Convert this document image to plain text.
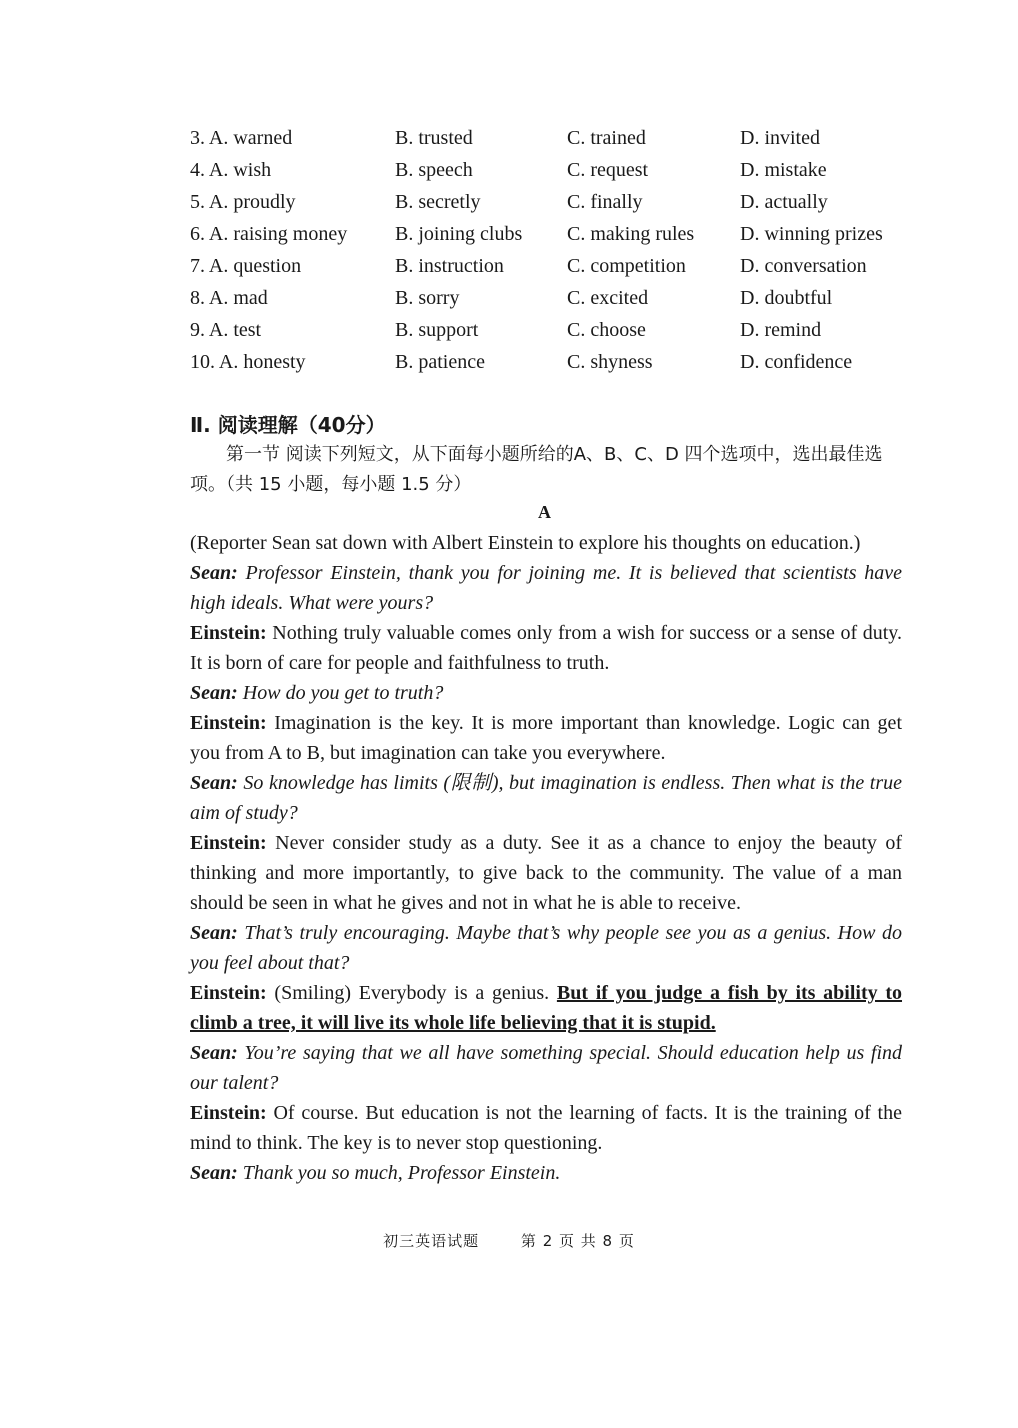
3. A. warned	B. trusted	C. trained	D. invited
4. A. wish	B. speech	C. request	D. mistake
5. A. proudly	B. secretly	C. finally	D. actually
6. A. raising money	B. joining clubs	C. making rules	D. winning prizes
7. A. question	B. instruction	C. competition	D. conversation
8. A. mad	B. sorry	C. excited	D. doubtful
9. A. test	B. support	C. choose	D. remind
10. A. honesty	B. patience	C. shyness	D. confidence
Ⅱ. 阅读理解（40分）
第一节 阅读下列短文，从下面每小题所给的A、B、C、D 四个选项中，选出最佳选项。（共 15 小题，每小题 1.5 分）
A

(Reporter Sean sat down with Albert Einstein to explore his thoughts on education.)

Sean: Professor Einstein, thank you for joining me. It is believed that scientists have high ideals. What were yours?

Einstein: Nothing truly valuable comes only from a wish for success or a sense of duty. It is born of care for people and faithfulness to truth.

Sean: How do you get to truth?

Einstein: Imagination is the key. It is more important than knowledge. Logic can get you from A to B, but imagination can take you everywhere.

Sean: So knowledge has limits (限制), but imagination is endless. Then what is the true aim of study?

Einstein: Never consider study as a duty. See it as a chance to enjoy the beauty of thinking and more importantly, to give back to the community. The value of a man should be seen in what he gives and not in what he is able to receive.

Sean: That’s truly encouraging. Maybe that’s why people see you as a genius. How do you feel about that?

Einstein: (Smiling) Everybody is a genius. But if you judge a fish by its ability to climb a tree, it will live its whole life believing that it is stupid.

Sean: You’re saying that we all have something special. Should education help us find our talent?

Einstein: Of course. But education is not the learning of facts. It is the training of the mind to think. The key is to never stop questioning.

Sean: Thank you so much, Professor Einstein.

初三英语试题	第 2 页 共 8 页
